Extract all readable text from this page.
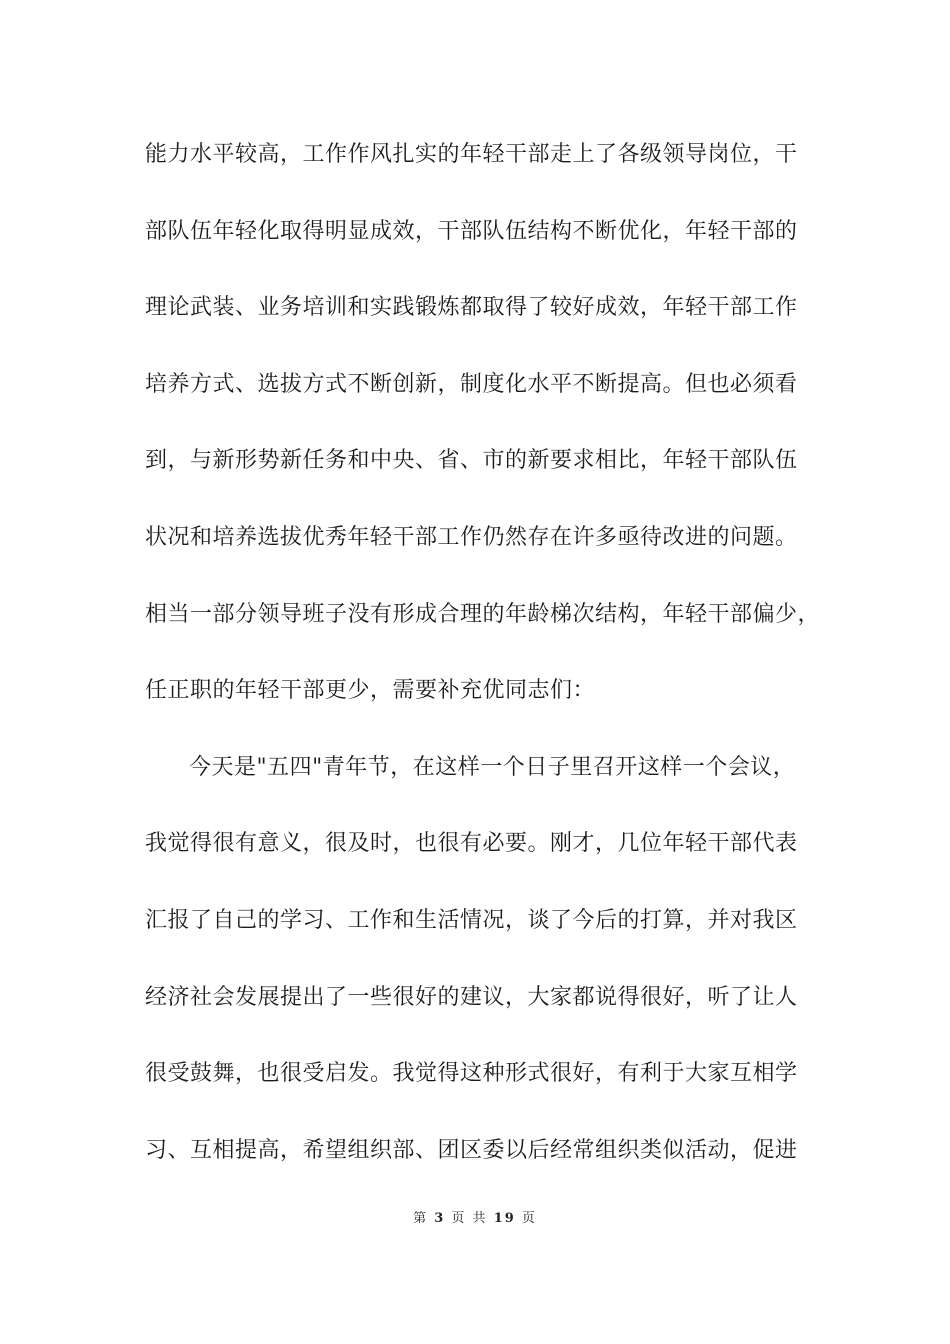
能力水平较高，工作作风扎实的年轻干部走上了各级领导岗位，干
部队伍年轻化取得明显成效，干部队伍结构不断优化，年轻干部的
理论武装、业务培训和实践锻炼都取得了较好成效，年轻干部工作
培养方式、选拔方式不断创新，制度化水平不断提高。但也必须看
到，与新形势新任务和中央、省、市的新要求相比，年轻干部队伍
状况和培养选拔优秀年轻干部工作仍然存在许多亟待改进的问题。
相当一部分领导班子没有形成合理的年龄梯次结构，年轻干部偏少，
任正职的年轻干部更少，需要补充优同志们：
今天是"五四"青年节，在这样一个日子里召开这样一个会议，
我觉得很有意义，很及时，也很有必要。刚才，几位年轻干部代表
汇报了自己的学习、工作和生活情况，谈了今后的打算，并对我区
经济社会发展提出了一些很好的建议，大家都说得很好，听了让人
很受鼓舞，也很受启发。我觉得这种形式很好，有利于大家互相学
习、互相提高，希望组织部、团区委以后经常组织类似活动，促进
第 3 页 共 19 页
